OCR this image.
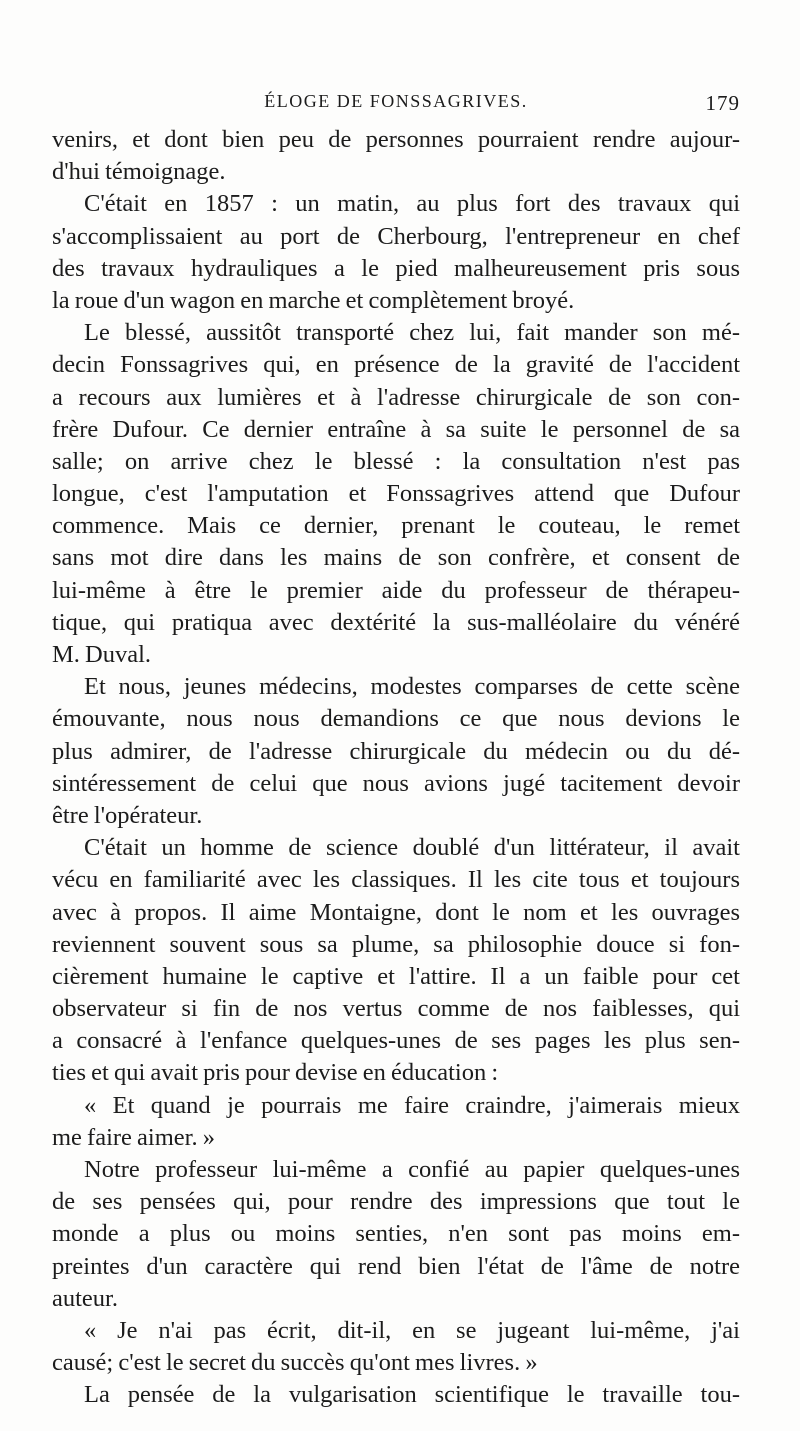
ÉLOGE DE FONSSAGRIVES.	179
venirs, et dont bien peu de personnes pourraient rendre aujour-
d'hui témoignage.
C'était en 1857 : un matin, au plus fort des travaux qui
s'accomplissaient au port de Cherbourg, l'entrepreneur en chef
des travaux hydrauliques a le pied malheureusement pris sous
la roue d'un wagon en marche et complètement broyé.
Le blessé, aussitôt transporté chez lui, fait mander son mé-
decin Fonssagrives qui, en présence de la gravité de l'accident
a recours aux lumières et à l'adresse chirurgicale de son con-
frère Dufour. Ce dernier entraîne à sa suite le personnel de sa
salle; on arrive chez le blessé : la consultation n'est pas
longue, c'est l'amputation et Fonssagrives attend que Dufour
commence. Mais ce dernier, prenant le couteau, le remet
sans mot dire dans les mains de son confrère, et consent de
lui-même à être le premier aide du professeur de thérapeu-
tique, qui pratiqua avec dextérité la sus-malléolaire du vénéré
M. Duval.
Et nous, jeunes médecins, modestes comparses de cette scène
émouvante, nous nous demandions ce que nous devions le
plus admirer, de l'adresse chirurgicale du médecin ou du dé-
sintéressement de celui que nous avions jugé tacitement devoir
être l'opérateur.
C'était un homme de science doublé d'un littérateur, il avait
vécu en familiarité avec les classiques. Il les cite tous et toujours
avec à propos. Il aime Montaigne, dont le nom et les ouvrages
reviennent souvent sous sa plume, sa philosophie douce si fon-
cièrement humaine le captive et l'attire. Il a un faible pour cet
observateur si fin de nos vertus comme de nos faiblesses, qui
a consacré à l'enfance quelques-unes de ses pages les plus sen-
ties et qui avait pris pour devise en éducation :
« Et quand je pourrais me faire craindre, j'aimerais mieux
me faire aimer. »
Notre professeur lui-même a confié au papier quelques-unes
de ses pensées qui, pour rendre des impressions que tout le
monde a plus ou moins senties, n'en sont pas moins em-
preintes d'un caractère qui rend bien l'état de l'âme de notre
auteur.
« Je n'ai pas écrit, dit-il, en se jugeant lui-même, j'ai
causé; c'est le secret du succès qu'ont mes livres. »
La pensée de la vulgarisation scientifique le travaille tou-
